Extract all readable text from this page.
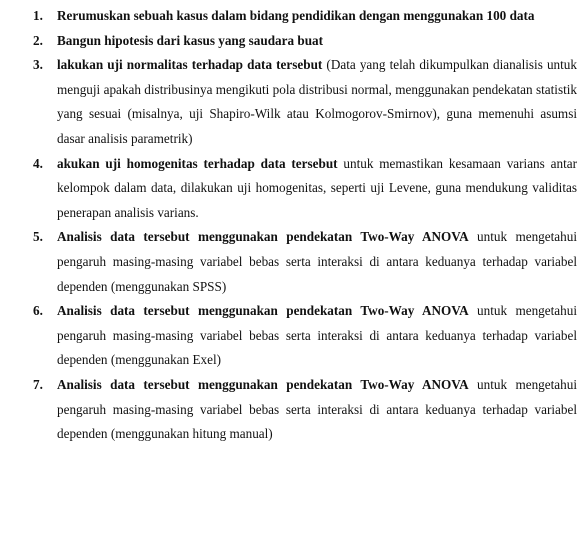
1. Rerumuskan sebuah kasus dalam bidang pendidikan dengan menggunakan 100 data
2. Bangun hipotesis dari kasus yang saudara buat
3. lakukan uji normalitas terhadap data tersebut (Data yang telah dikumpulkan dianalisis untuk menguji apakah distribusinya mengikuti pola distribusi normal, menggunakan pendekatan statistik yang sesuai (misalnya, uji Shapiro-Wilk atau Kolmogorov-Smirnov), guna memenuhi asumsi dasar analisis parametrik)
4. akukan uji homogenitas terhadap data tersebut untuk memastikan kesamaan varians antar kelompok dalam data, dilakukan uji homogenitas, seperti uji Levene, guna mendukung validitas penerapan analisis varians.
5. Analisis data tersebut menggunakan pendekatan Two-Way ANOVA untuk mengetahui pengaruh masing-masing variabel bebas serta interaksi di antara keduanya terhadap variabel dependen (menggunakan SPSS)
6. Analisis data tersebut menggunakan pendekatan Two-Way ANOVA untuk mengetahui pengaruh masing-masing variabel bebas serta interaksi di antara keduanya terhadap variabel dependen (menggunakan Exel)
7. Analisis data tersebut menggunakan pendekatan Two-Way ANOVA untuk mengetahui pengaruh masing-masing variabel bebas serta interaksi di antara keduanya terhadap variabel dependen (menggunakan hitung manual)
